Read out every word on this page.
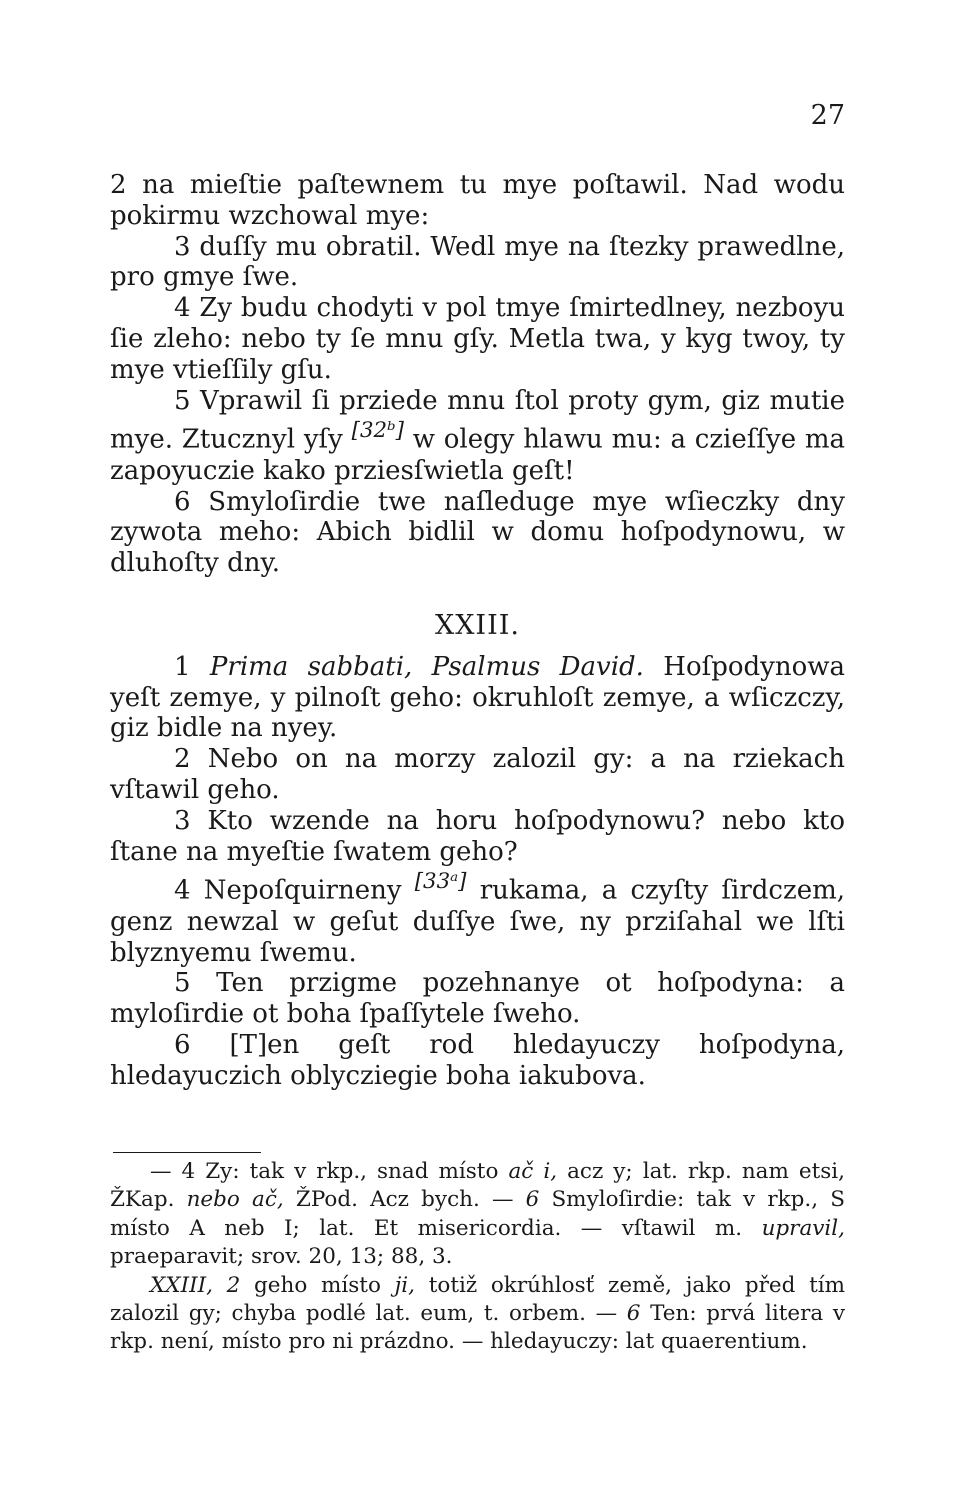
27

2 na mieſtie paſtewnem tu mye poſtawil. Nad wodu pokirmu wzchowal mye:

3 duſſy mu obratil. Wedl mye na ſtezky prawedlne, pro gmye ſwe.

4 Zy budu chodyti v pol tmye ſmirtedlney, nezboyu ſie zleho: nebo ty ſe mnu gſy. Metla twa, y kyg twoy, ty mye vtieſſily gſu.

5 Vprawil ſi prziede mnu ſtol proty gym, giz mutie mye. Ztucznyl yſy [32ᵇ] w olegy hlawu mu: a czieſſye ma zapoyuczie kako prziesſwietla geſt!

6 Smyloſirdie twe naſleduge mye wſieczky dny zywota meho: Abich bidlil w domu hoſpodynowu, w dluhoſty dny.

XXIII.

1 Prima sabbati, Psalmus David. Hoſpodynowa yeſt zemye, y pilnoſt geho: okruhloſt zemye, a wſiczczy, giz bidle na nyey.

2 Nebo on na morzy zalozil gy: a na rziekach vſtawil geho.

3 Kto wzende na horu hoſpodynowu? nebo kto ſtane na myeſtie ſwatem geho?

4 Nepoſquirneny [33ᵃ] rukama, a czyſty ſirdczem, genz newzal w geſut duſſye ſwe, ny prziſahal we lſti blyznyemu ſwemu.

5 Ten przigme pozehnanye ot hoſpodyna: a myloſirdie ot boha ſpaſſytele ſweho.

6 [T]en geſt rod hledayuczy hoſpodyna, hledayuczich oblycziegie boha iakubova.

— 4 Zy: tak v rkp., snad místo ač i, acz y; lat. rkp. nam etsi, ŽKap. nebo ač, ŽPod. Acz bych. — 6 Smyloſirdie: tak v rkp., S místo A neb I; lat. Et misericordia. — vſtawil m. upravil, praeparavit; srov. 20, 13; 88, 3.

XXIII, 2 geho místo ji, totiž okrúhlosť země, jako před tím zalozil gy; chyba podlé lat. eum, t. orbem. — 6 Ten: prvá litera v rkp. není, místo pro ni prázdno. — hledayuczy: lat quaerentium.
